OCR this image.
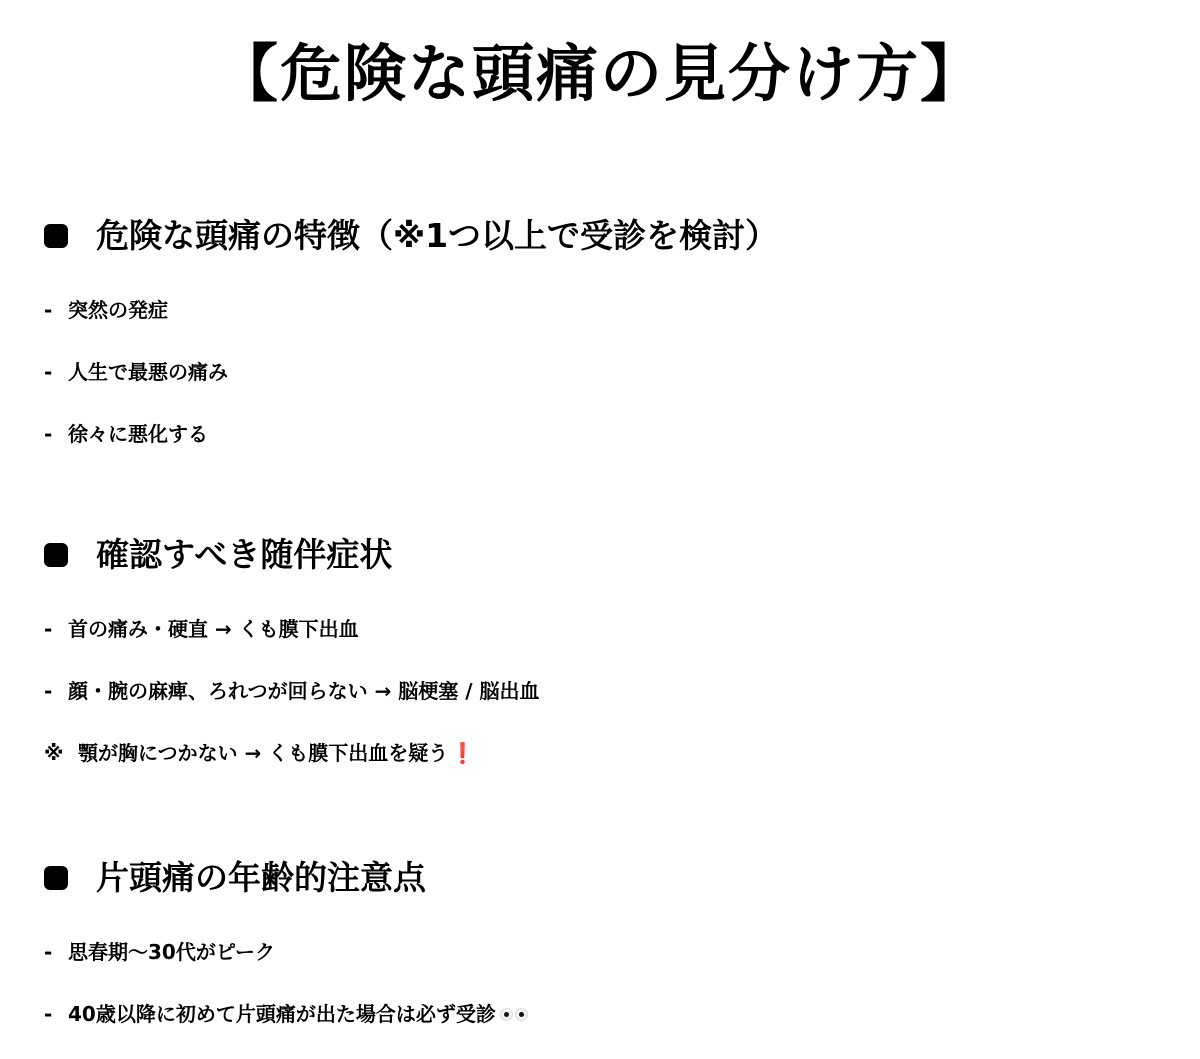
【危険な頭痛の見分け方】
危険な頭痛の特徴（※1つ以上で受診を検討）
- 突然の発症
- 人生で最悪の痛み
- 徐々に悪化する
確認すべき随伴症状
- 首の痛み・硬直 → くも膜下出血
- 顔・腕の麻痺、ろれつが回らない → 脳梗塞 / 脳出血
※ 顎が胸につかない → くも膜下出血を疑う ❗
片頭痛の年齢的注意点
- 思春期〜30代がピーク
- 40歳以降に初めて片頭痛が出た場合は必ず受診
